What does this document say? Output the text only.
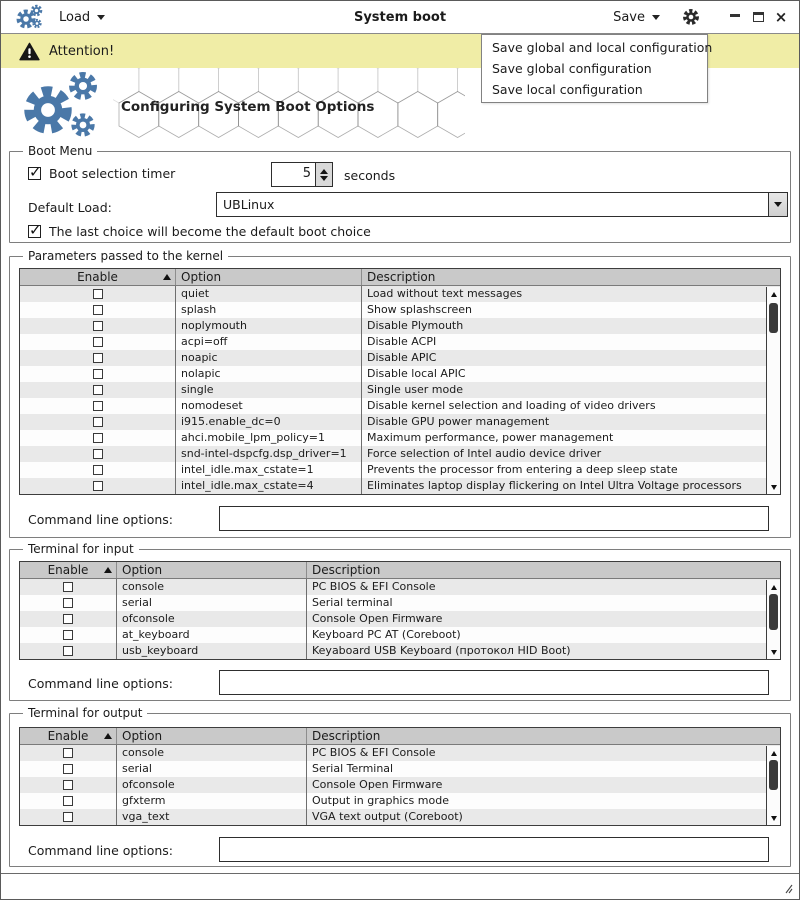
Load	System boot	Save	×
Attention!
Configuring System Boot Options
Boot Menu
✓
Boot selection timer	5	seconds
Default Load:	UBLinux
✓
The last choice will become the default boot choice
Parameters passed to the kernel
Enable	Option	Description
quiet	Load without text messages
splash	Show splashscreen
noplymouth	Disable Plymouth
acpi=off	Disable ACPI
noapic	Disable APIC
nolapic	Disable local APIC
single	Single user mode
nomodeset	Disable kernel selection and loading of video drivers
i915.enable_dc=0	Disable GPU power management
ahci.mobile_lpm_policy=1	Maximum performance, power management
snd-intel-dspcfg.dsp_driver=1	Force selection of Intel audio device driver
intel_idle.max_cstate=1	Prevents the processor from entering a deep sleep state
intel_idle.max_cstate=4	Eliminates laptop display flickering on Intel Ultra Voltage processors
Command line options:
Terminal for input
Enable	Option	Description
console	PC BIOS & EFI Console
serial	Serial terminal
ofconsole	Console Open Firmware
at_keyboard	Keyboard PC AT (Coreboot)
usb_keyboard	Keyaboard USB Keyboard (протокол HID Boot)
Command line options:
Terminal for output
Enable	Option	Description
console	PC BIOS & EFI Console
serial	Serial Terminal
ofconsole	Console Open Firmware
gfxterm	Output in graphics mode
vga_text	VGA text output (Coreboot)
Command line options:
Save global and local configuration
Save global configuration
Save local configuration
